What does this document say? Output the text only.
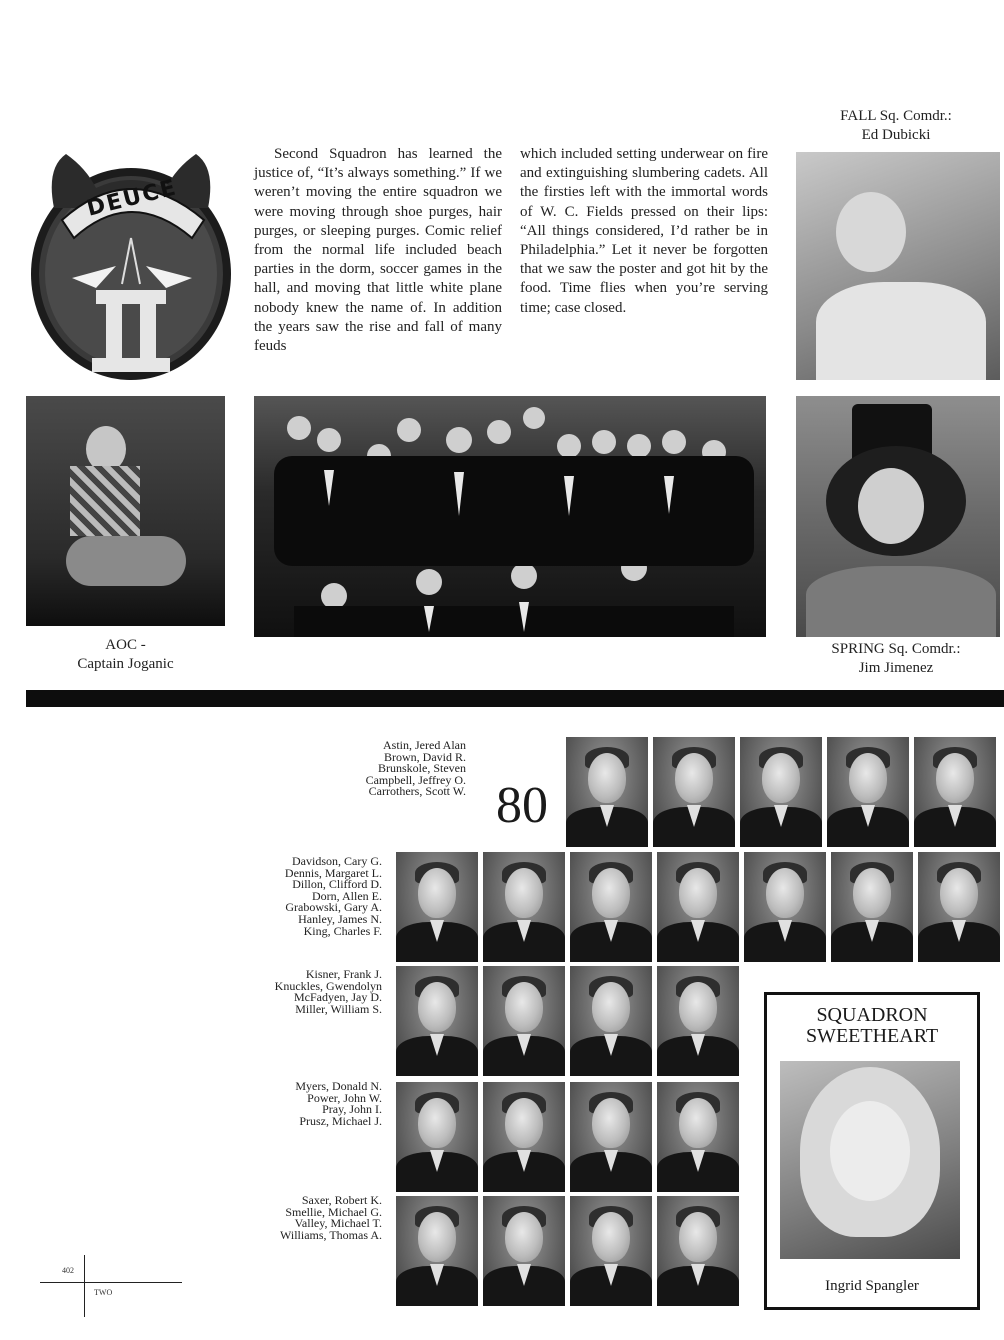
DEUCE

Second Squadron has learned the justice of, “It’s always something.” If we weren’t moving the entire squadron we were moving through shoe purges, hair purges, or sleeping purges. Comic relief from the normal life included beach parties in the dorm, soccer games in the hall, and moving that little white plane nobody knew the name of. In addition the years saw the rise and fall of many feuds

which included setting underwear on fire and extinguishing slumbering cadets. All the firsties left with the immortal words of W. C. Fields pressed on their lips: “All things considered, I’d rather be in Philadelphia.” Let it never be forgotten that we saw the poster and got hit by the food. Time flies when you’re serving time; case closed.

FALL Sq. Comdr.:
Ed Dubicki
AOC -
Captain Joganic
SPRING Sq. Comdr.:
Jim Jimenez
80
Astin, Jered Alan
Brown, David R.
Brunskole, Steven
Campbell, Jeffrey O.
Carrothers, Scott W.
Davidson, Cary G.
Dennis, Margaret L.
Dillon, Clifford D.
Dorn, Allen E.
Grabowski, Gary A.
Hanley, James N.
King, Charles F.
Kisner, Frank J.
Knuckles, Gwendolyn
McFadyen, Jay D.
Miller, William S.
Myers, Donald N.
Power, John W.
Pray, John I.
Prusz, Michael J.
Saxer, Robert K.
Smellie, Michael G.
Valley, Michael T.
Williams, Thomas A.
SQUADRON
SWEETHEART
Ingrid Spangler
402
TWO
